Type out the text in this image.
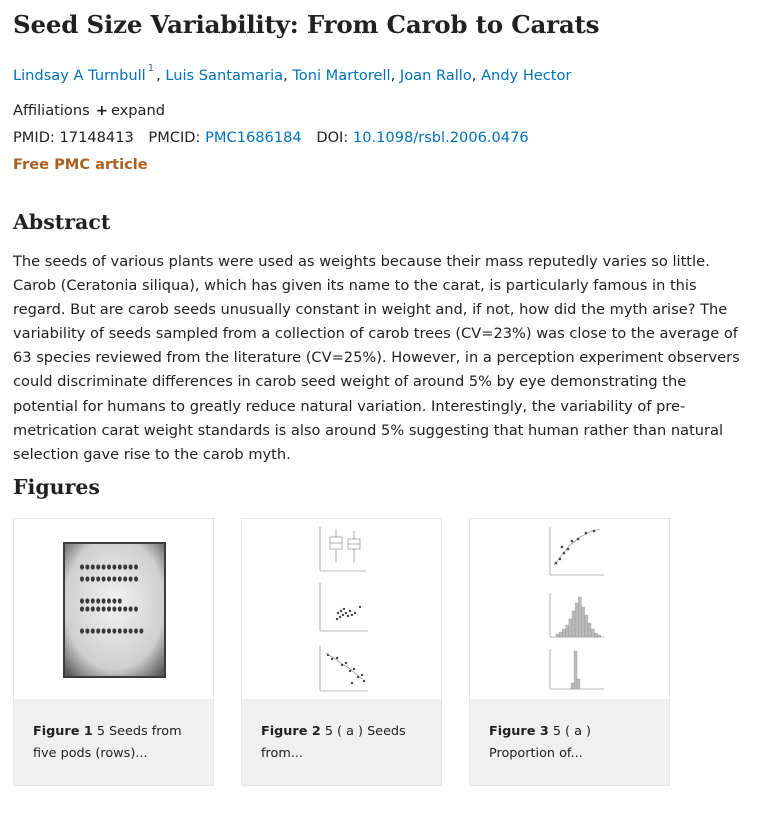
Seed Size Variability: From Carob to Carats
Lindsay A Turnbull $^1$ , Luis Santamaria, Toni Martorell, Joan Rallo, Andy Hector
Affiliations + expand
PMID: 17148413 PMCID: PMC1686184 DOI: 10.1098/rsbl.2006.0476
Free PMC article
Abstract

The seeds of various plants were used as weights because their mass reputedly varies so little. Carob (Ceratonia siliqua), which has given its name to the carat, is particularly famous in this regard. But are carob seeds unusually constant in weight and, if not, how did the myth arise? The variability of seeds sampled from a collection of carob trees (CV=23%) was close to the average of 63 species reviewed from the literature (CV=25%). However, in a perception experiment observers could discriminate differences in carob seed weight of around 5% by eye demonstrating the potential for humans to greatly reduce natural variation. Interestingly, the variability of pre-metrication carat weight standards is also around 5% suggesting that human rather than natural selection gave rise to the carob myth.

Figures
Figure 1 5 Seeds from five pods (rows)...
Figure 2 5 ( a ) Seeds from...
Figure 3 5 ( a ) Proportion of...
